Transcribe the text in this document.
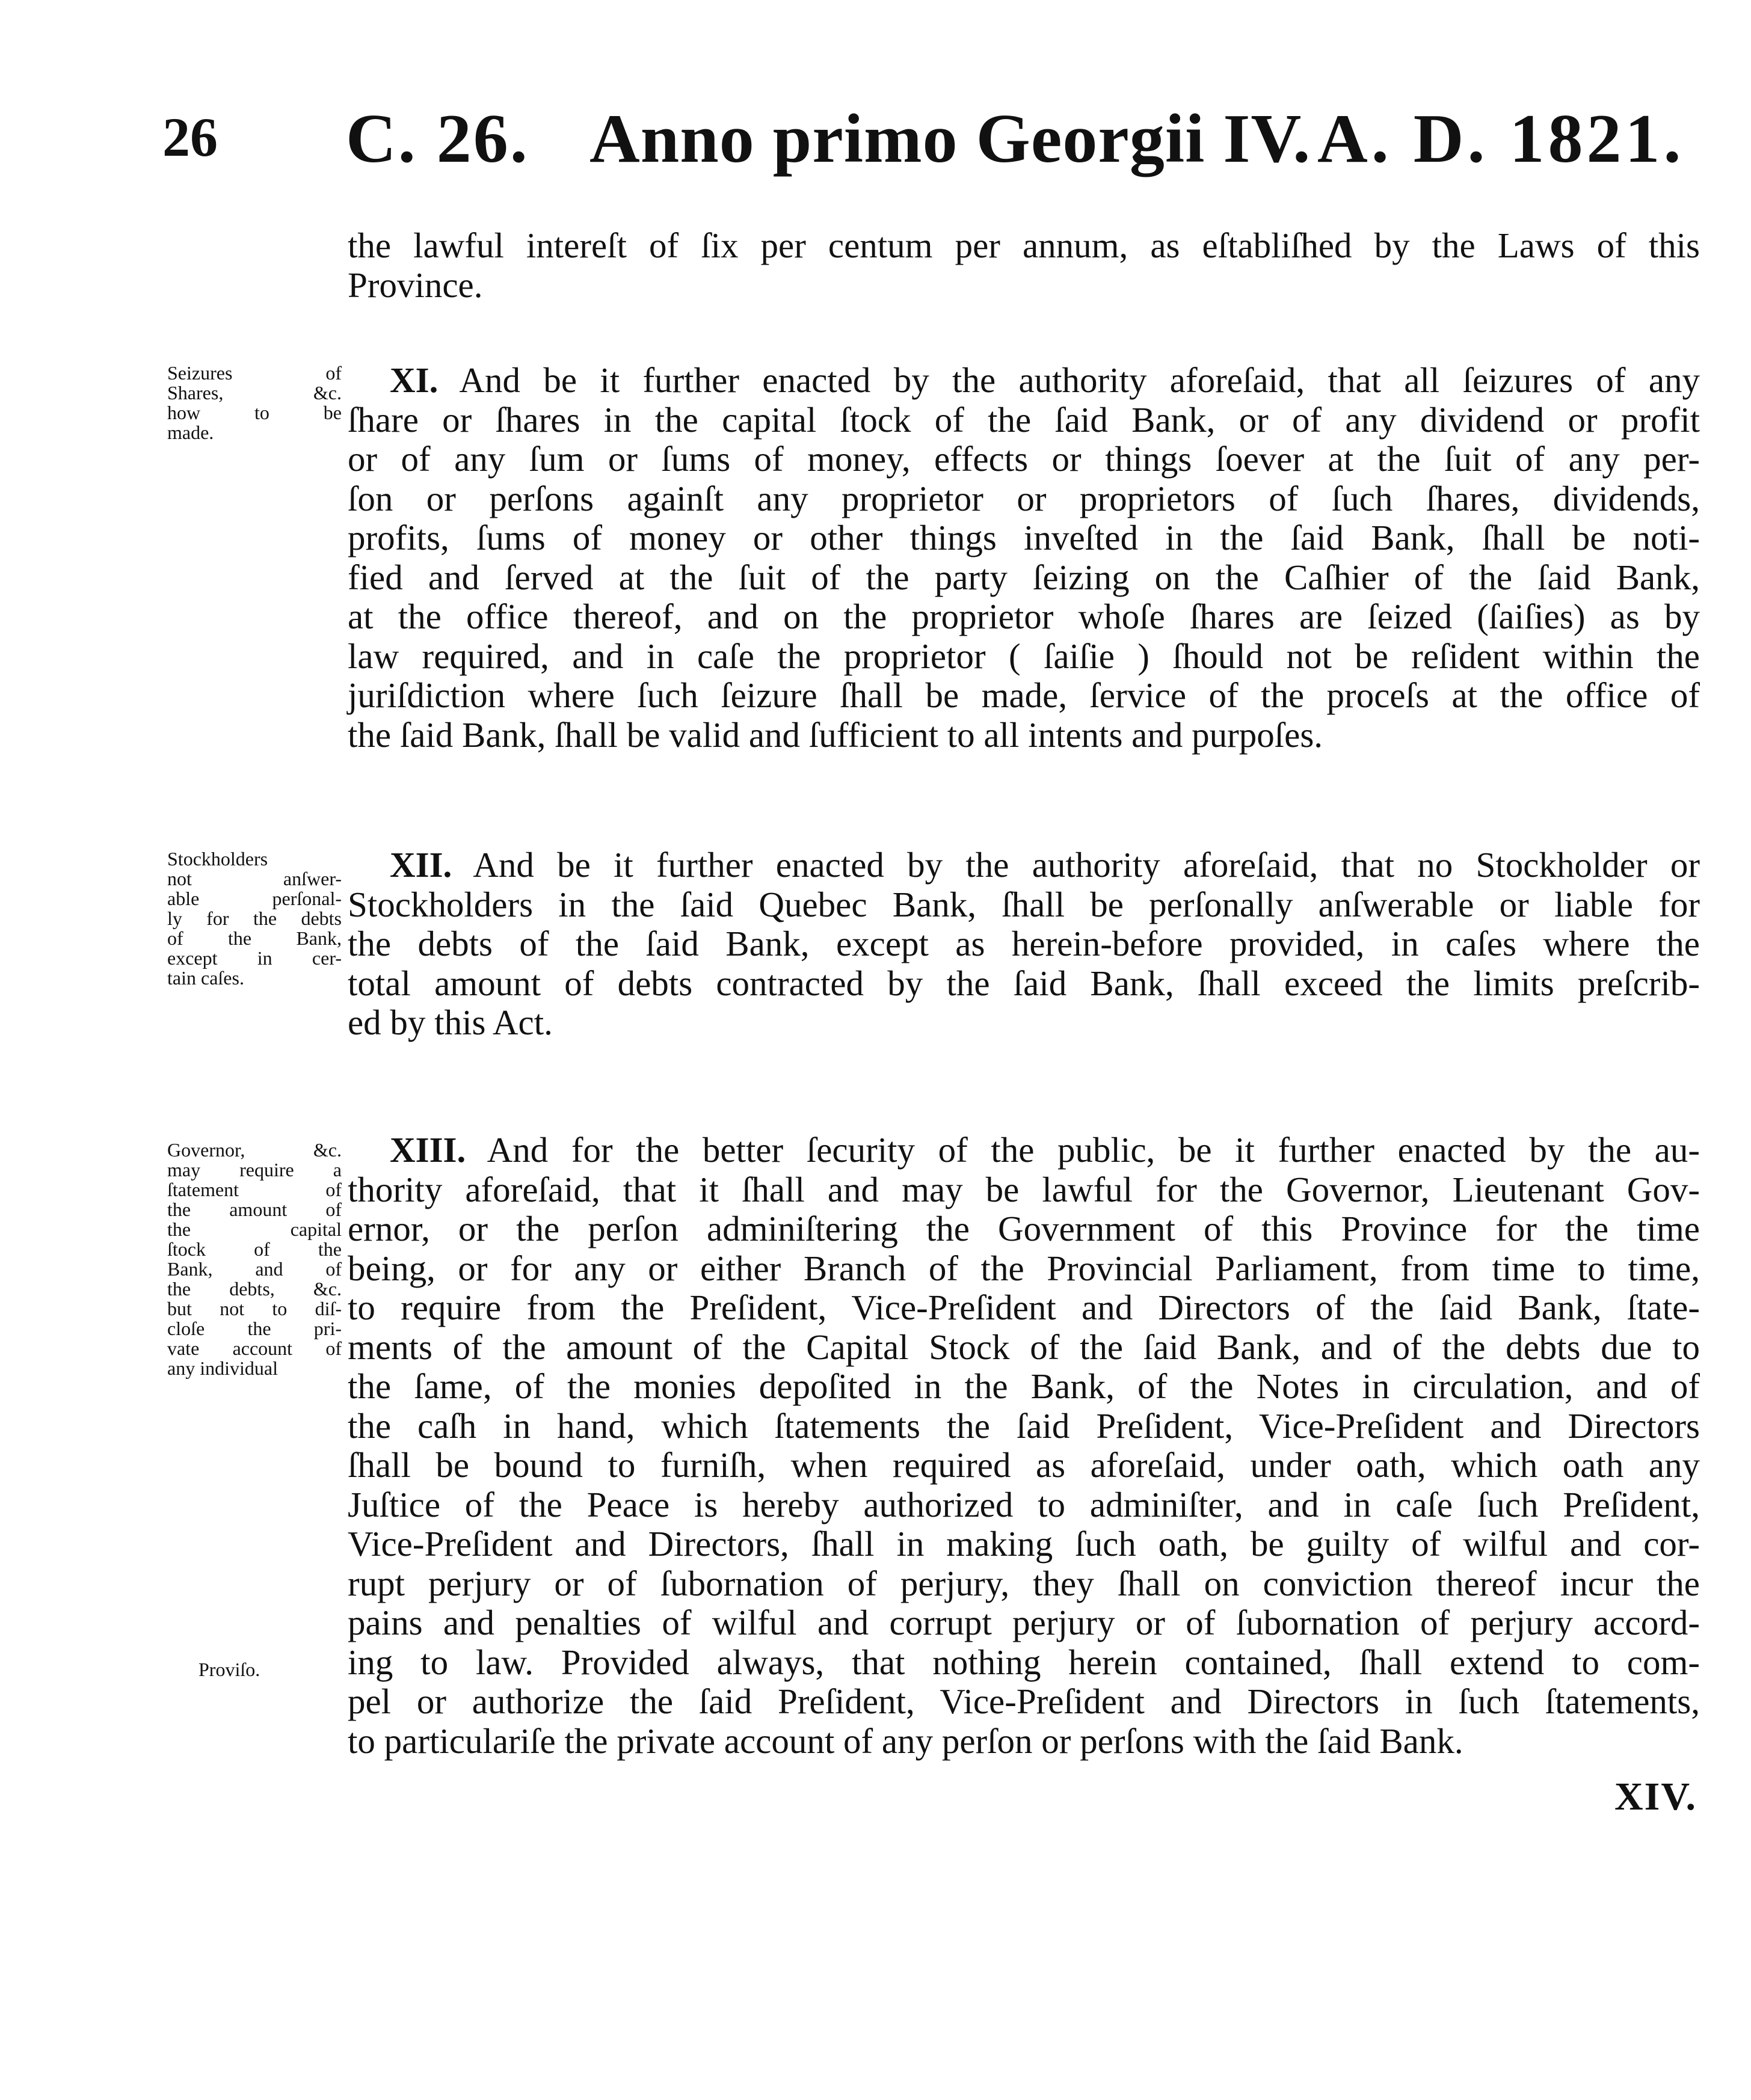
26 C. 26. Anno primo Georgii IV. A. D. 1821.
the lawful intereſt of ſix per centum per annum, as eſtabliſhed by the Laws of this
Province.
Seizures of
Shares, &c.
how to be
made.
XI. And be it further enacted by the authority aforeſaid, that all ſeizures of any
ſhare or ſhares in the capital ſtock of the ſaid Bank, or of any dividend or profit
or of any ſum or ſums of money, effects or things ſoever at the ſuit of any per-
ſon or perſons againſt any proprietor or proprietors of ſuch ſhares, dividends,
profits, ſums of money or other things inveſted in the ſaid Bank, ſhall be noti-
fied and ſerved at the ſuit of the party ſeizing on the Caſhier of the ſaid Bank,
at the office thereof, and on the proprietor whoſe ſhares are ſeized (ſaiſies) as by
law required, and in caſe the proprietor ( ſaiſie ) ſhould not be reſident within the
juriſdiction where ſuch ſeizure ſhall be made, ſervice of the proceſs at the office of
the ſaid Bank, ſhall be valid and ſufficient to all intents and purpoſes.
Stockholders
not anſwer-
able perſonal-
ly for the debts
of the Bank,
except in cer-
tain caſes.
XII. And be it further enacted by the authority aforeſaid, that no Stockholder or
Stockholders in the ſaid Quebec Bank, ſhall be perſonally anſwerable or liable for
the debts of the ſaid Bank, except as herein-before provided, in caſes where the
total amount of debts contracted by the ſaid Bank, ſhall exceed the limits preſcrib-
ed by this Act.
Governor, &c.
may require a
ſtatement of
the amount of
the capital
ſtock of the
Bank, and of
the debts, &c.
but not to diſ-
cloſe the pri-
vate account of
any individual
Proviſo.
XIII. And for the better ſecurity of the public, be it further enacted by the au-
thority aforeſaid, that it ſhall and may be lawful for the Governor, Lieutenant Gov-
ernor, or the perſon adminiſtering the Government of this Province for the time
being, or for any or either Branch of the Provincial Parliament, from time to time,
to require from the Preſident, Vice-Preſident and Directors of the ſaid Bank, ſtate-
ments of the amount of the Capital Stock of the ſaid Bank, and of the debts due to
the ſame, of the monies depoſited in the Bank, of the Notes in circulation, and of
the caſh in hand, which ſtatements the ſaid Preſident, Vice-Preſident and Directors
ſhall be bound to furniſh, when required as aforeſaid, under oath, which oath any
Juſtice of the Peace is hereby authorized to adminiſter, and in caſe ſuch Preſident,
Vice-Preſident and Directors, ſhall in making ſuch oath, be guilty of wilful and cor-
rupt perjury or of ſubornation of perjury, they ſhall on conviction thereof incur the
pains and penalties of wilful and corrupt perjury or of ſubornation of perjury accord-
ing to law. Provided always, that nothing herein contained, ſhall extend to com-
pel or authorize the ſaid Preſident, Vice-Preſident and Directors in ſuch ſtatements,
to particulariſe the private account of any perſon or perſons with the ſaid Bank.
XIV.
